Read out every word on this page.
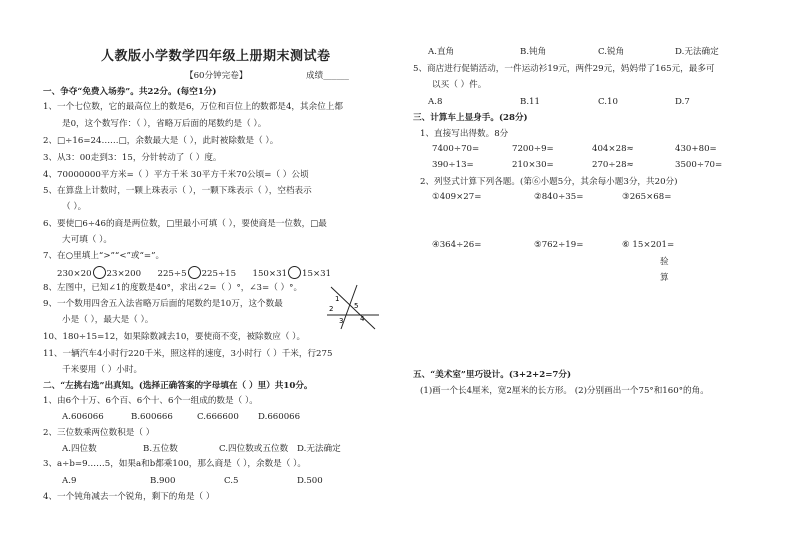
人教版小学数学四年级上册期末测试卷
【60分钟完卷】	成绩______
一、争夺“免费入场券”。共22分。(每空1分)
1、一个七位数，它的最高位上的数是6，万位和百位上的数都是4，其余位上都
是0，这个数写作：（ ），省略万后面的尾数约是（ ）。
2、□÷16=24……□，余数最大是（ ），此时被除数是（ ）。
3、从3：00走到3：15，分针转动了（ ）度。
4、70000000平方米=（ ）平方千米 30平方千米70公顷=（ ）公顷
5、在算盘上计数时，一颗上珠表示（ ），一颗下珠表示（ ），空档表示
（ ）。
6、要使□6÷46的商是两位数，□里最小可填（ ），要使商是一位数，□最
大可填（ ）。
7、在○里填上“>”“<”或“=”。
230×20 23×200 225÷5 225÷15 150×31 15×31
8、左图中，已知∠1的度数是40°，求出∠2=（ ）°，∠3=（ ）°。
9、一个数用四舍五入法省略万后面的尾数约是10万，这个数最
小是（ ），最大是（ ）。
10、180÷15=12，如果除数减去10，要使商不变，被除数应（ ）。
11、一辆汽车4小时行220千米，照这样的速度，3小时行（ ）千米，行275
千米要用（ ）小时。
1
2
3
5
4
二、“左挑右选”出真知。(选择正确答案的字母填在（ ）里）共10分。
1、由6个十万、6个百、6个十、6个一组成的数是（ ）。
A.606066	B.600666	C.666600 D.660066
2、三位数乘两位数积是（ ）
A.四位数	B.五位数	C.四位数或五位数 D.无法确定
3、a÷b=9……5，如果a和b都乘100，那么商是（ ），余数是（ ）。
A.9	B.900	C.5	D.500
4、一个钝角减去一个锐角，剩下的角是（ ）
A.直角	B.钝角	C.锐角	D.无法确定
5、商店进行促销活动，一件运动衫19元，两件29元，妈妈带了165元，最多可
以买（ ）件。
A.8	B.11	C.10	D.7
三、计算车上显身手。(28分)
1、直接写出得数。8分
7400÷70=	7200÷9=	404×28≈	430+80=
390÷13=	210×30=	270÷28≈	3500÷70=
2、列竖式计算下列各题。(第⑥小题5分，其余每小题3分，共20分)
①409×27=	②840÷35=	③265×68=
④364÷26=	⑤762÷19=	⑥ 15×201=
验
算
五、“美术室”里巧设计。(3+2+2=7分)
(1)画一个长4厘米，宽2厘米的长方形。 (2)分别画出一个75°和160°的角。
